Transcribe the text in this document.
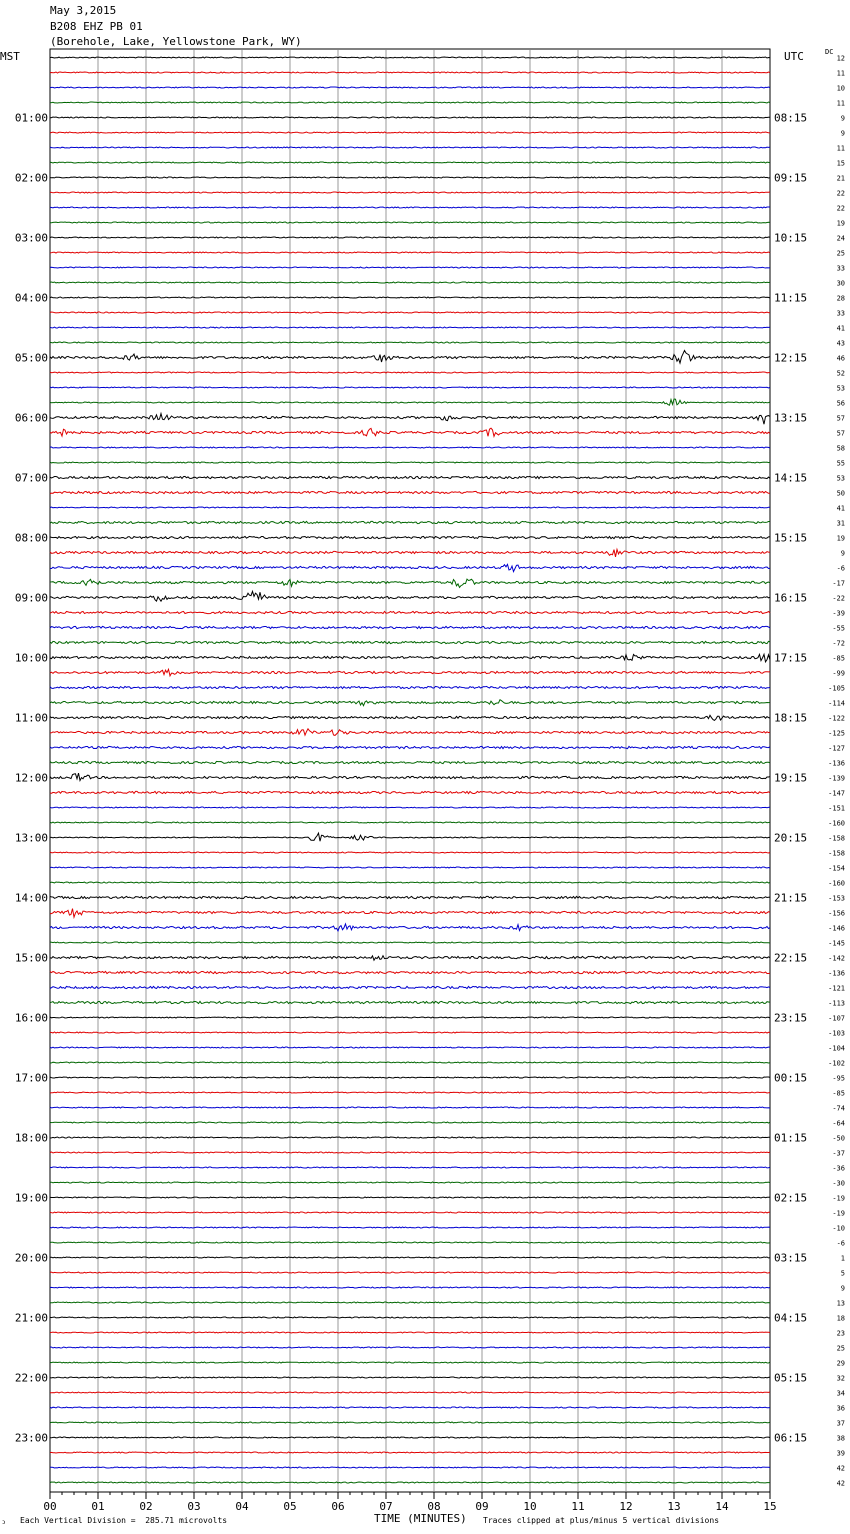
May 3,2015
B208 EHZ PB 01
(Borehole, Lake, Yellowstone Park, WY)
MST	UTC	DC
00	01	02	03	04	05	06	07	08	09	10	11	12	13	14	15
12
11
10
11
01:00	08:15	9
9
11
15
02:00	09:15	21
22
22
19
03:00	10:15	24
25
33
30
04:00	11:15	28
33
41
43
05:00	12:15	46
52
53
56
06:00	13:15	57
57
58
55
07:00	14:15	53
50
41
31
08:00	15:15	19
9
-6
-17
09:00	16:15	-22
-39
-55
-72
10:00	17:15	-85
-99
-105
-114
11:00	18:15	-122
-125
-127
-136
12:00	19:15	-139
-147
-151
-160
13:00	20:15	-158
-158
-154
-160
14:00	21:15	-153
-156
-146
-145
15:00	22:15	-142
-136
-121
-113
16:00	23:15	-107
-103
-104
-102
17:00	00:15	-95
-85
-74
-64
18:00	01:15	-50
-37
-36
-30
19:00	02:15	-19
-19
-10
-6
20:00	03:15	1
5
9
13
21:00	04:15	18
23
25
29
22:00	05:15	32
34
36
37
23:00	06:15	38
39
42
42
ↄ Each Vertical Division =  285.71 microvolts	TIME (MINUTES) Traces clipped at plus/minus 5 vertical divisions
